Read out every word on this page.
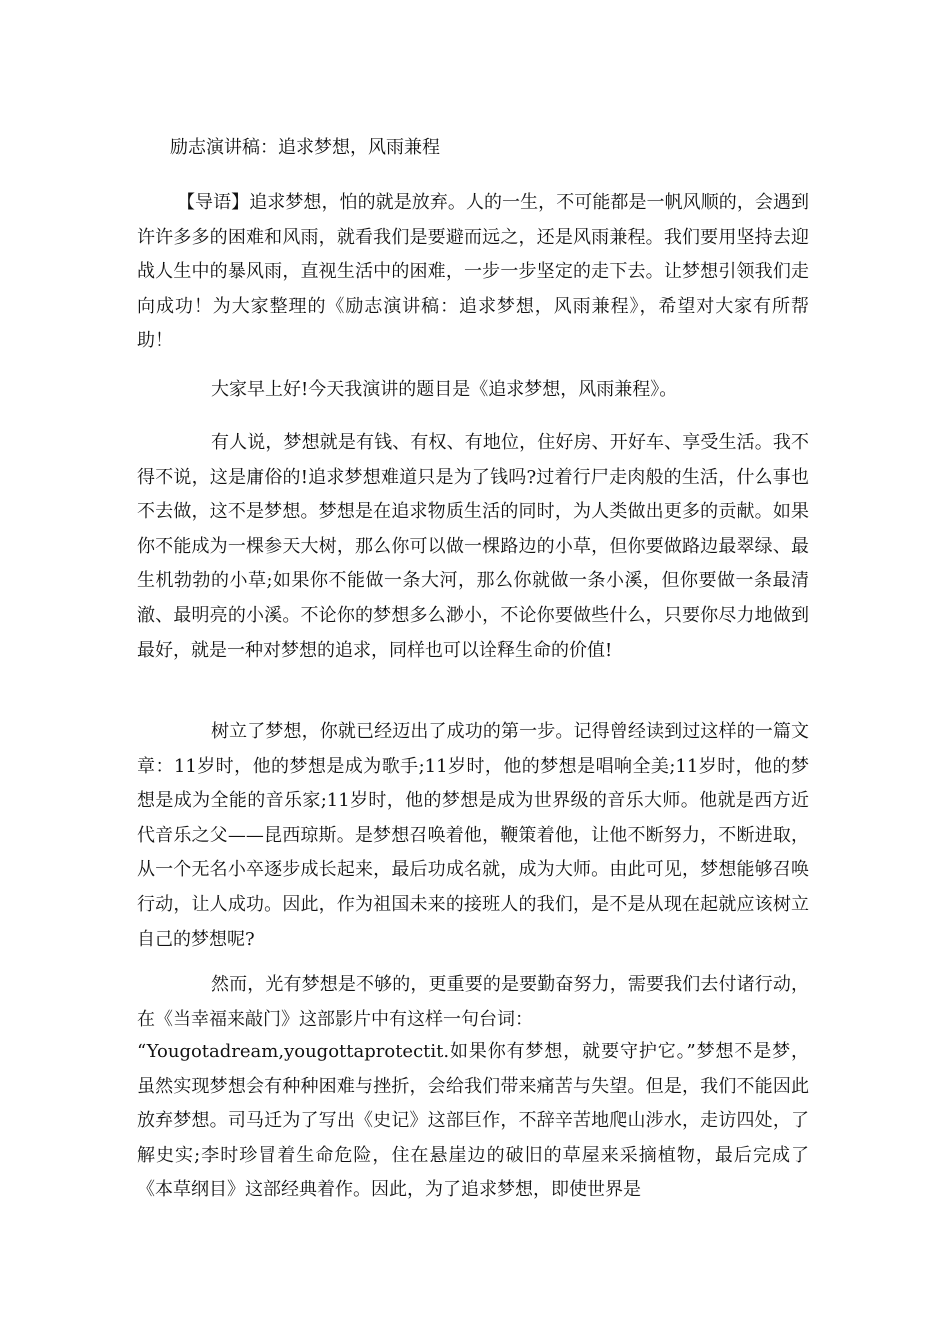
励志演讲稿：追求梦想，风雨兼程

【导语】追求梦想，怕的就是放弃。人的一生，不可能都是一帆风顺的，会遇到许许多多的困难和风雨，就看我们是要避而远之，还是风雨兼程。我们要用坚持去迎战人生中的暴风雨，直视生活中的困难，一步一步坚定的走下去。让梦想引领我们走向成功！为大家整理的《励志演讲稿：追求梦想，风雨兼程》，希望对大家有所帮助！

大家早上好!今天我演讲的题目是《追求梦想，风雨兼程》。

有人说，梦想就是有钱、有权、有地位，住好房、开好车、享受生活。我不得不说，这是庸俗的!追求梦想难道只是为了钱吗?过着行尸走肉般的生活，什么事也不去做，这不是梦想。梦想是在追求物质生活的同时，为人类做出更多的贡献。如果你不能成为一棵参天大树，那么你可以做一棵路边的小草，但你要做路边最翠绿、最生机勃勃的小草;如果你不能做一条大河，那么你就做一条小溪，但你要做一条最清澈、最明亮的小溪。不论你的梦想多么渺小，不论你要做些什么，只要你尽力地做到最好，就是一种对梦想的追求，同样也可以诠释生命的价值!

树立了梦想，你就已经迈出了成功的第一步。记得曾经读到过这样的一篇文章：11岁时，他的梦想是成为歌手;11岁时，他的梦想是唱响全美;11岁时，他的梦想是成为全能的音乐家;11岁时，他的梦想是成为世界级的音乐大师。他就是西方近代音乐之父——昆西琼斯。是梦想召唤着他，鞭策着他，让他不断努力，不断进取，从一个无名小卒逐步成长起来，最后功成名就，成为大师。由此可见，梦想能够召唤行动，让人成功。因此，作为祖国未来的接班人的我们，是不是从现在起就应该树立自己的梦想呢?

然而，光有梦想是不够的，更重要的是要勤奋努力，需要我们去付诸行动，在《当幸福来敲门》这部影片中有这样一句台词：

“Yougotadream,yougottaprotectit.如果你有梦想，就要守护它。”梦想不是梦，虽然实现梦想会有种种困难与挫折，会给我们带来痛苦与失望。但是，我们不能因此放弃梦想。司马迁为了写出《史记》这部巨作，不辞辛苦地爬山涉水，走访四处，了解史实;李时珍冒着生命危险，住在悬崖边的破旧的草屋来采摘植物，最后完成了《本草纲目》这部经典着作。因此，为了追求梦想，即使世界是
